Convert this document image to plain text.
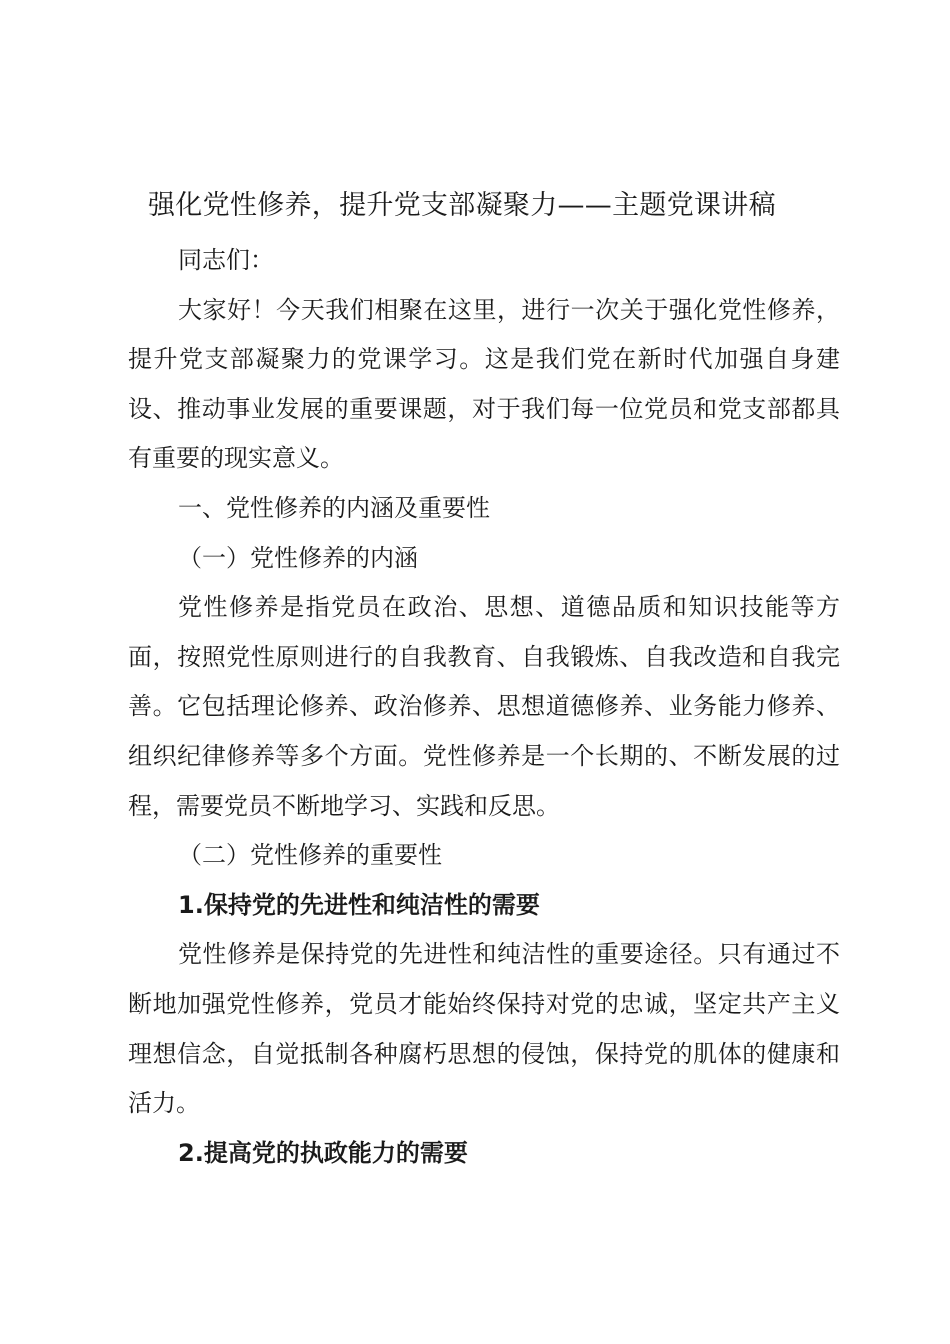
强化党性修养，提升党支部凝聚力——主题党课讲稿

同志们：

大家好！今天我们相聚在这里，进行一次关于强化党性修养，提升党支部凝聚力的党课学习。这是我们党在新时代加强自身建设、推动事业发展的重要课题，对于我们每一位党员和党支部都具有重要的现实意义。

一、党性修养的内涵及重要性

（一）党性修养的内涵

党性修养是指党员在政治、思想、道德品质和知识技能等方面，按照党性原则进行的自我教育、自我锻炼、自我改造和自我完善。它包括理论修养、政治修养、思想道德修养、业务能力修养、组织纪律修养等多个方面。党性修养是一个长期的、不断发展的过程，需要党员不断地学习、实践和反思。

（二）党性修养的重要性

1.保持党的先进性和纯洁性的需要

党性修养是保持党的先进性和纯洁性的重要途径。只有通过不断地加强党性修养，党员才能始终保持对党的忠诚，坚定共产主义理想信念，自觉抵制各种腐朽思想的侵蚀，保持党的肌体的健康和活力。

2.提高党的执政能力的需要
